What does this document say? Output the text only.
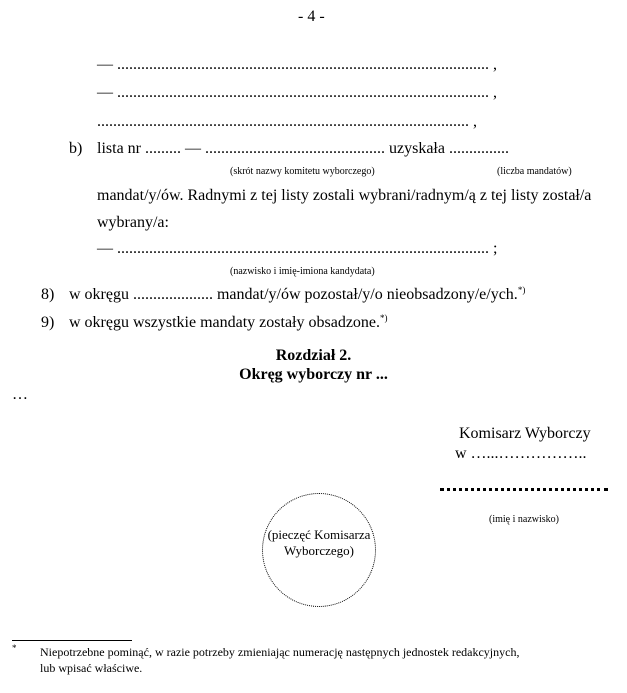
- 4 -
— ............................................................................................. ,
— ............................................................................................. ,
............................................................................................. ,
b) lista nr ......... — ............................................. uzyskała ...............
(skrót nazwy komitetu wyborczego)	(liczba mandatów)
mandat/y/ów. Radnymi z tej listy zostali wybrani/radnym/ą z tej listy został/a
wybrany/a:
— ............................................................................................. ;
(nazwisko i imię-imiona kandydata)
8) w okręgu .................... mandat/y/ów pozostał/y/o nieobsadzony/e/ych.*)
9) w okręgu wszystkie mandaty zostały obsadzone.*)
Rozdział 2.
Okręg wyborczy nr ...
…
Komisarz Wyborczy
w …...……………..
(imię i nazwisko)
(pieczęć Komisarza Wyborczego)
* Niepotrzebne pominąć, w razie potrzeby zmieniając numerację następnych jednostek redakcyjnych,
lub wpisać właściwe.
